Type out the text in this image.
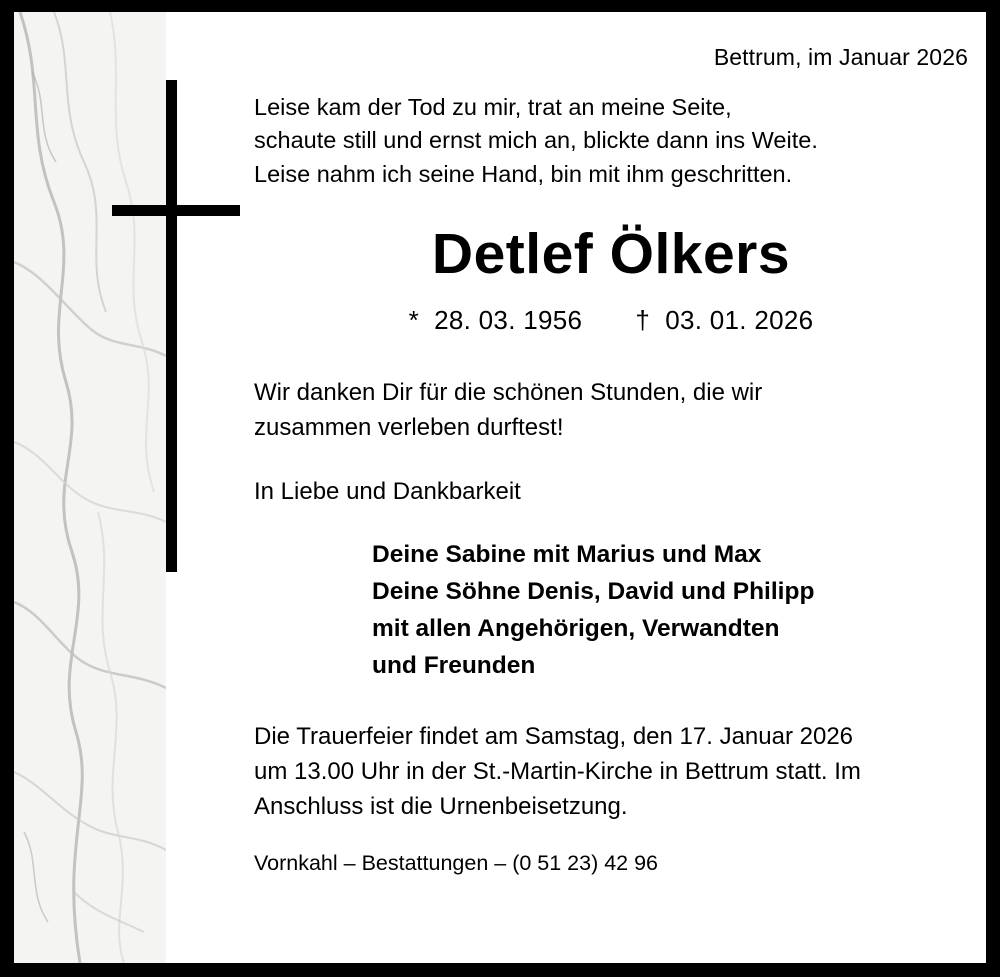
Bettrum, im Januar 2026
Leise kam der Tod zu mir, trat an meine Seite,
schaute still und ernst mich an, blickte dann ins Weite.
Leise nahm ich seine Hand, bin mit ihm geschritten.
Detlef Ölkers
* 28. 03. 1956 † 03. 01. 2026
Wir danken Dir für die schönen Stunden, die wir
zusammen verleben durftest!
In Liebe und Dankbarkeit
Deine Sabine mit Marius und Max
Deine Söhne Denis, David und Philipp
mit allen Angehörigen, Verwandten
und Freunden
Die Trauerfeier findet am Samstag, den 17. Januar 2026
um 13.00 Uhr in der St.-Martin-Kirche in Bettrum statt. Im
Anschluss ist die Urnenbeisetzung.
Vornkahl – Bestattungen – (0 51 23) 42 96
